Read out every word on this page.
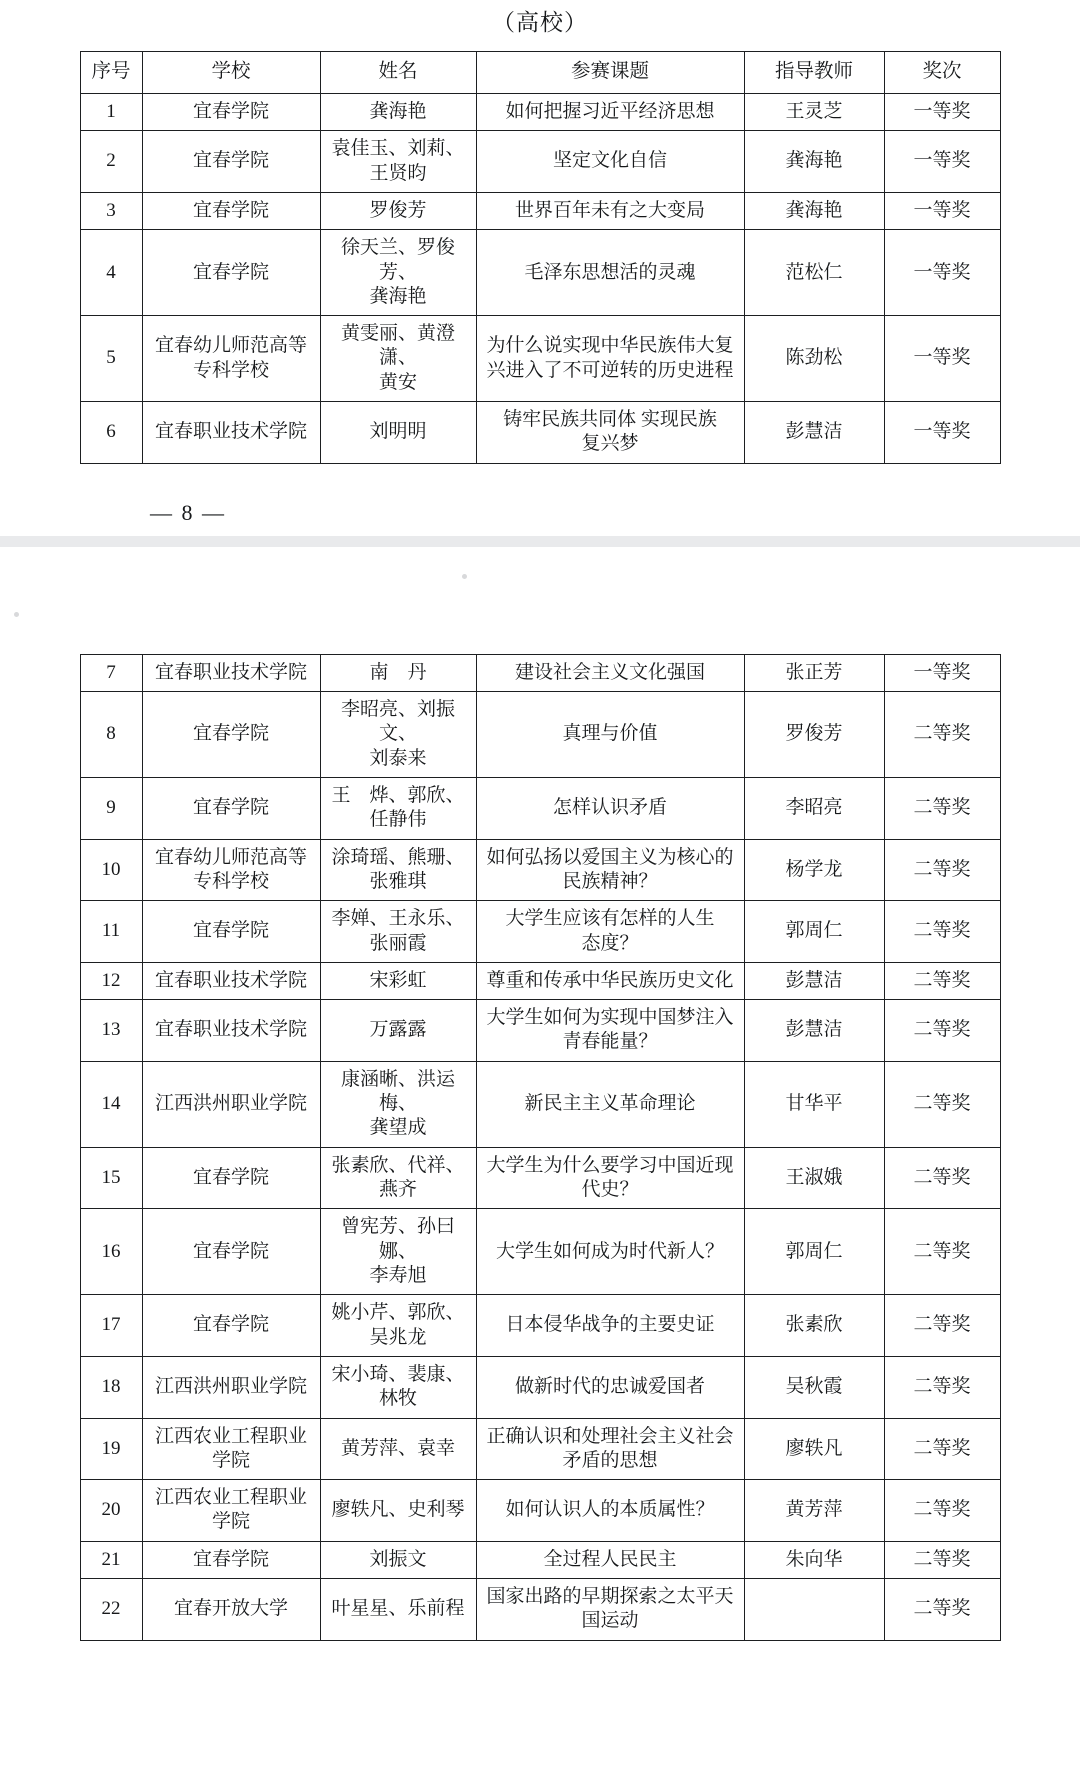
（高校）
序号	学校	姓名	参赛课题	指导教师	奖次
1	宜春学院	龚海艳	如何把握习近平经济思想	王灵芝	一等奖
2	宜春学院	袁佳玉、刘莉、
王贤昀	坚定文化自信	龚海艳	一等奖
3	宜春学院	罗俊芳	世界百年未有之大变局	龚海艳	一等奖
4	宜春学院	徐天兰、罗俊芳、
龚海艳	毛泽东思想活的灵魂	范松仁	一等奖
5	宜春幼儿师范高等
专科学校	黄雯丽、黄澄潇、
黄安	为什么说实现中华民族伟大复
兴进入了不可逆转的历史进程	陈劲松	一等奖
6	宜春职业技术学院	刘明明	铸牢民族共同体 实现民族
复兴梦	彭慧洁	一等奖
— 8 —
7	宜春职业技术学院	南　丹	建设社会主义文化强国	张正芳	一等奖
8	宜春学院	李昭亮、刘振文、
刘泰来	真理与价值	罗俊芳	二等奖
9	宜春学院	王　烨、郭欣、
任静伟	怎样认识矛盾	李昭亮	二等奖
10	宜春幼儿师范高等
专科学校	涂琦瑶、熊珊、
张雅琪	如何弘扬以爱国主义为核心的
民族精神？	杨学龙	二等奖
11	宜春学院	李婵、王永乐、
张丽霞	大学生应该有怎样的人生
态度？	郭周仁	二等奖
12	宜春职业技术学院	宋彩虹	尊重和传承中华民族历史文化	彭慧洁	二等奖
13	宜春职业技术学院	万露露	大学生如何为实现中国梦注入
青春能量？	彭慧洁	二等奖
14	江西洪州职业学院	康涵晰、洪运梅、
龚望成	新民主主义革命理论	甘华平	二等奖
15	宜春学院	张素欣、代祥、
燕齐	大学生为什么要学习中国近现
代史？	王淑娥	二等奖
16	宜春学院	曾宪芳、孙曰娜、
李寿旭	大学生如何成为时代新人？	郭周仁	二等奖
17	宜春学院	姚小芹、郭欣、
吴兆龙	日本侵华战争的主要史证	张素欣	二等奖
18	江西洪州职业学院	宋小琦、裴康、
林牧	做新时代的忠诚爱国者	吴秋霞	二等奖
19	江西农业工程职业
学院	黄芳萍、袁幸	正确认识和处理社会主义社会
矛盾的思想	廖轶凡	二等奖
20	江西农业工程职业
学院	廖轶凡、史利琴	如何认识人的本质属性？	黄芳萍	二等奖
21	宜春学院	刘振文	全过程人民民主	朱向华	二等奖
22	宜春开放大学	叶星星、乐前程	国家出路的早期探索之太平天
国运动		二等奖
